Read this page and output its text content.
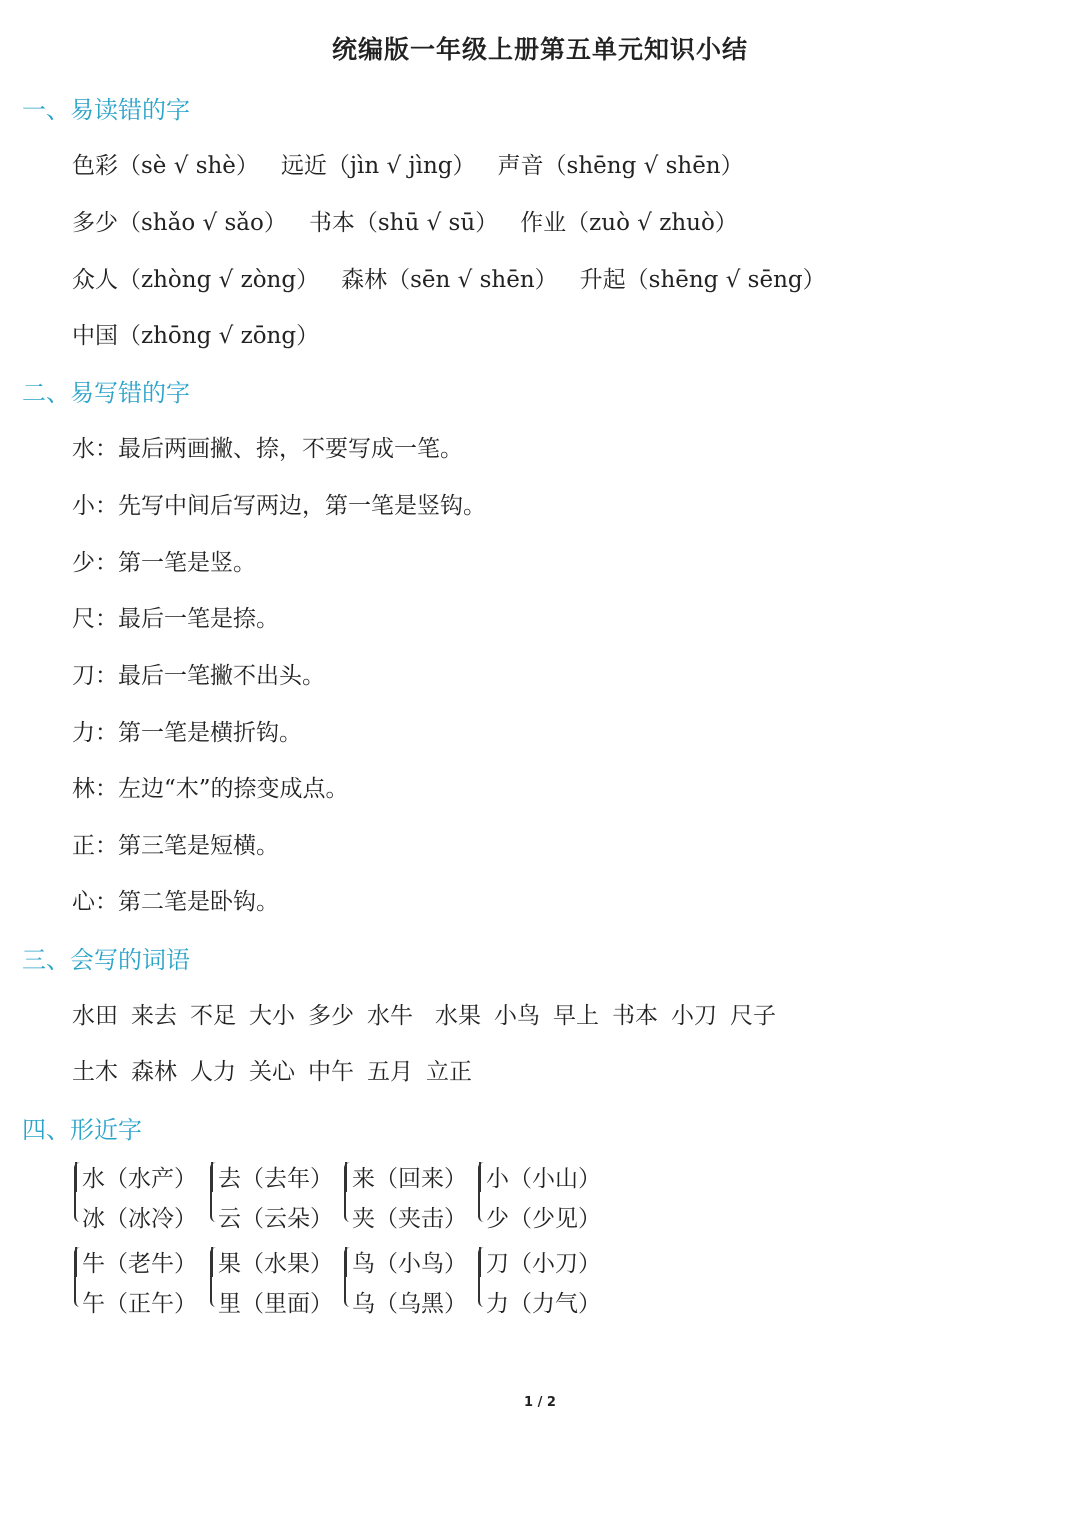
统编版一年级上册第五单元知识小结
一、易读错的字
色彩（sè √ shè） 远近（jìn √ jìng） 声音（shēng √ shēn）
多少（shǎo √ sǎo） 书本（shū √ sū） 作业（zuò √ zhuò）
众人（zhòng √ zòng） 森林（sēn √ shēn） 升起（shēng √ sēng）
中国（zhōng √ zōng）
二、易写错的字
水：最后两画撇、捺，不要写成一笔。
小：先写中间后写两边，第一笔是竖钩。
少：第一笔是竖。
尺：最后一笔是捺。
刀：最后一笔撇不出头。
力：第一笔是横折钩。
林：左边“木”的捺变成点。
正：第三笔是短横。
心：第二笔是卧钩。
三、会写的词语
水田 来去 不足 大小 多少 水牛 水果 小鸟 早上 书本 小刀 尺子
土木 森林 人力 关心 中午 五月 立正
四、形近字
水（水产）
冰（冰冷）
去（去年）
云（云朵）
来（回来）
夹（夹击）
小（小山）
少（少见）
牛（老牛）
午（正午）
果（水果）
里（里面）
鸟（小鸟）
乌（乌黑）
刀（小刀）
力（力气）
1 / 2
